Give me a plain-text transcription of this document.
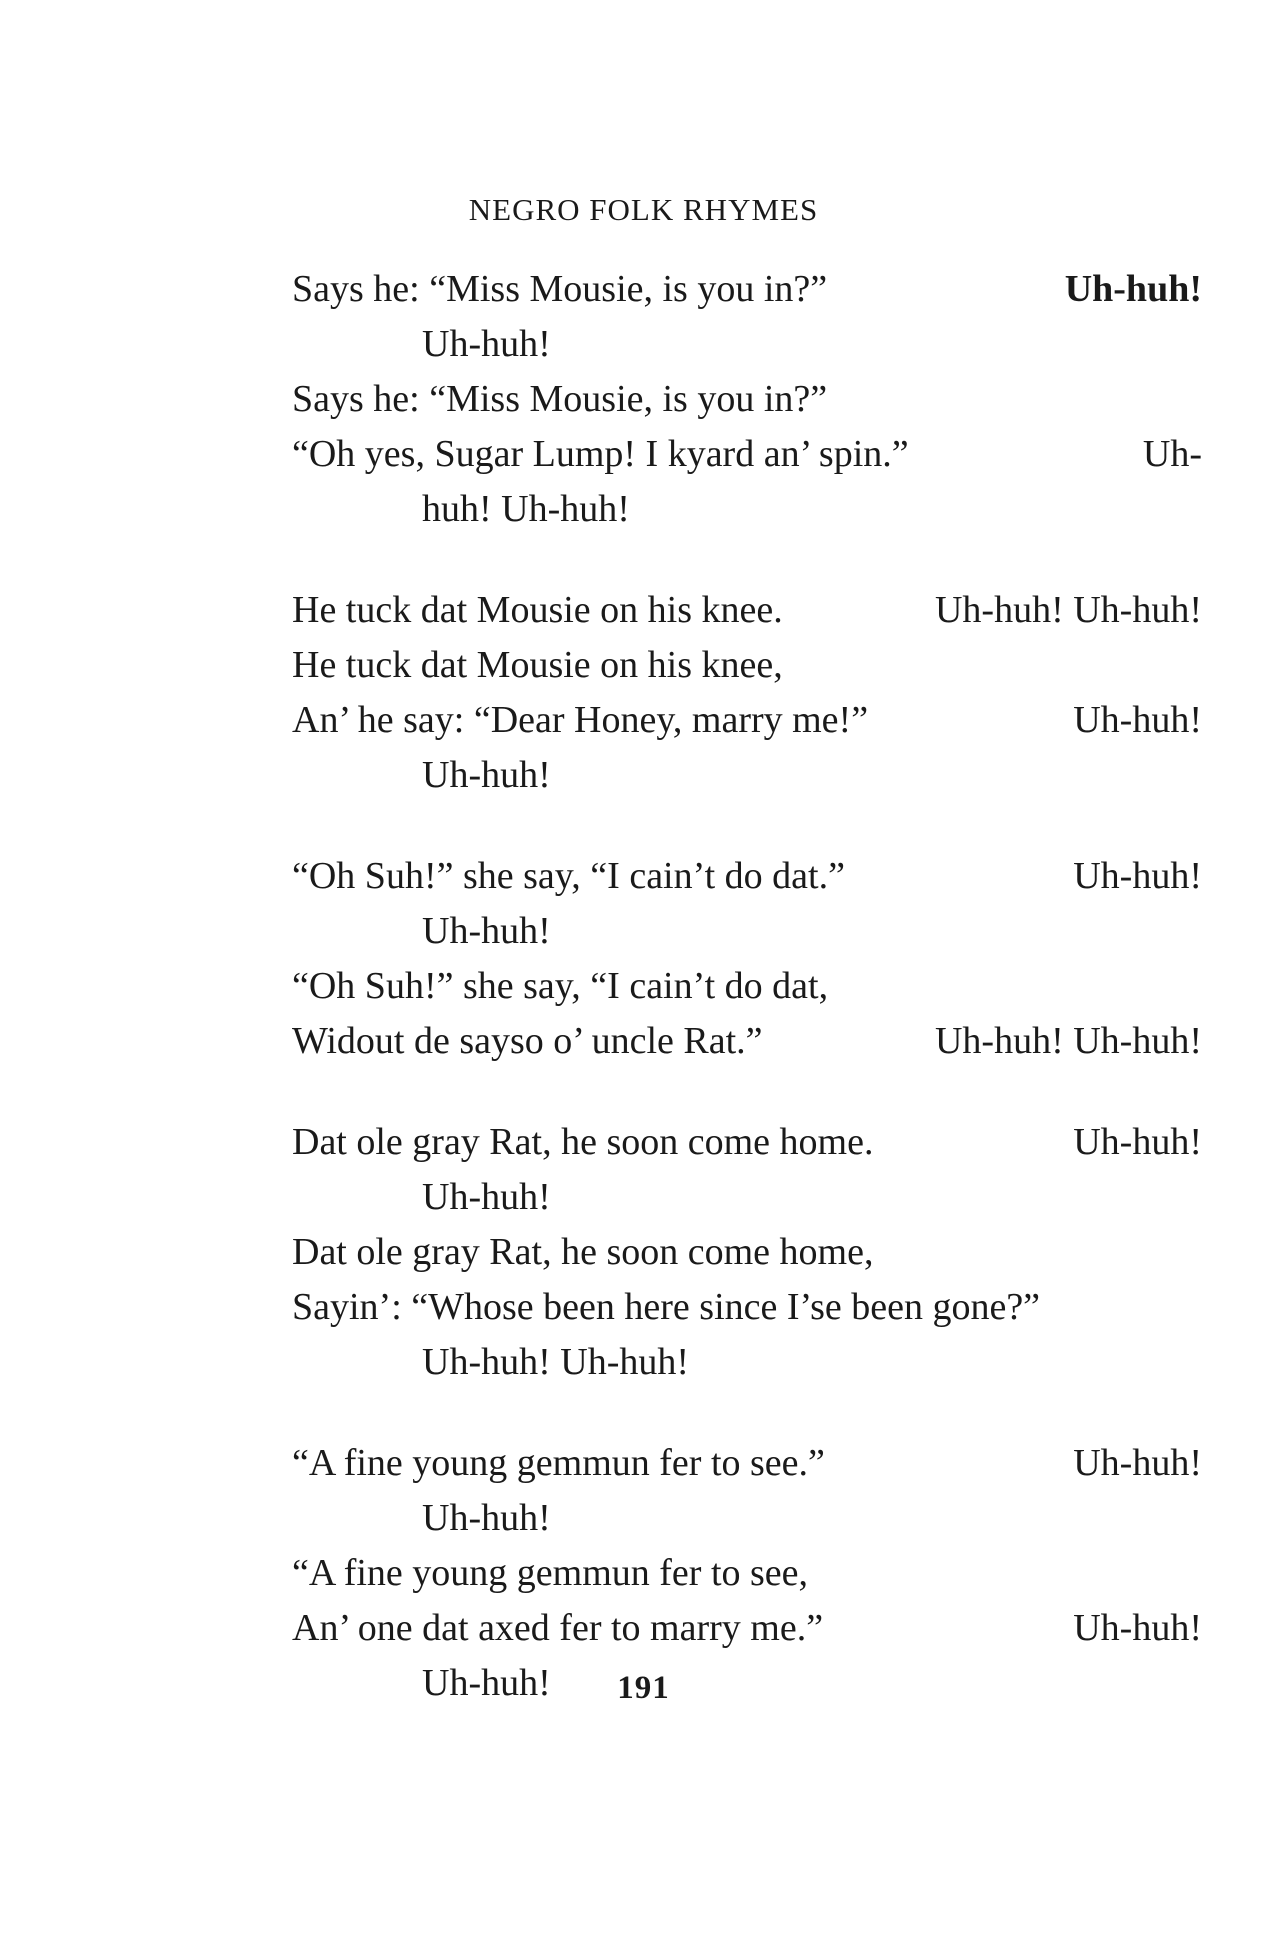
NEGRO FOLK RHYMES
Says he: “Miss Mousie, is you in?”	Uh-huh!
Uh-huh!
Says he: “Miss Mousie, is you in?”
“Oh yes, Sugar Lump! I kyard an’ spin.”	Uh-
huh! Uh-huh!
He tuck dat Mousie on his knee.	Uh-huh! Uh-huh!
He tuck dat Mousie on his knee,
An’ he say: “Dear Honey, marry me!”	Uh-huh!
Uh-huh!
“Oh Suh!” she say, “I cain’t do dat.”	Uh-huh!
Uh-huh!
“Oh Suh!” she say, “I cain’t do dat,
Widout de sayso o’ uncle Rat.”	Uh-huh! Uh-huh!
Dat ole gray Rat, he soon come home.	Uh-huh!
Uh-huh!
Dat ole gray Rat, he soon come home,
Sayin’: “Whose been here since I’se been gone?”
Uh-huh! Uh-huh!
“A fine young gemmun fer to see.”	Uh-huh!
Uh-huh!
“A fine young gemmun fer to see,
An’ one dat axed fer to marry me.”	Uh-huh!
Uh-huh!	191
